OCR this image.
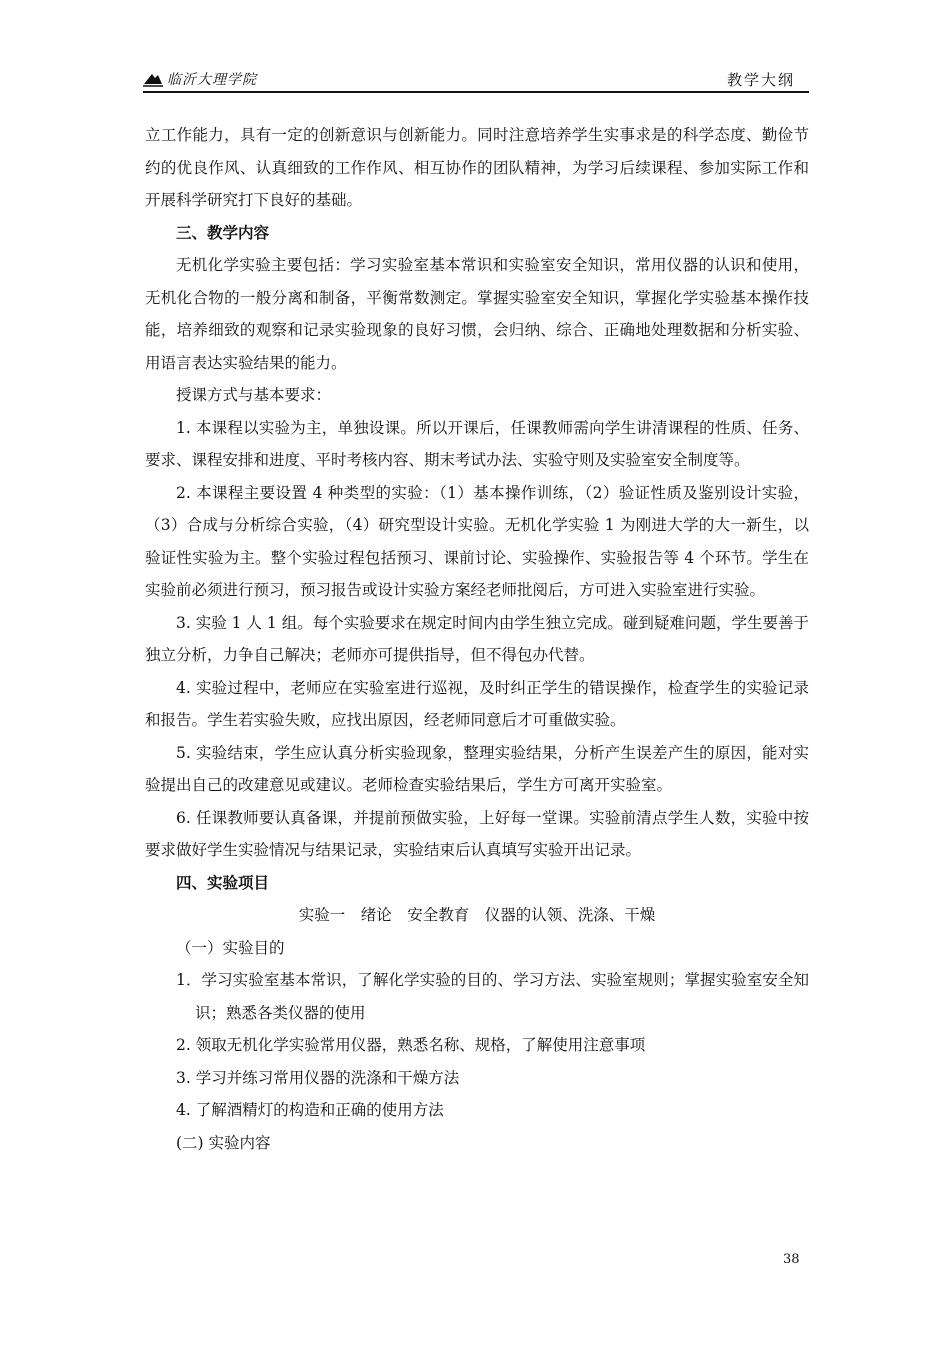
临沂大理学院	教学大纲

立工作能力，具有一定的创新意识与创新能力。同时注意培养学生实事求是的科学态度、勤俭节约的优良作风、认真细致的工作作风、相互协作的团队精神，为学习后续课程、参加实际工作和开展科学研究打下良好的基础。

三、教学内容

无机化学实验主要包括：学习实验室基本常识和实验室安全知识，常用仪器的认识和使用，无机化合物的一般分离和制备，平衡常数测定。掌握实验室安全知识，掌握化学实验基本操作技能，培养细致的观察和记录实验现象的良好习惯，会归纳、综合、正确地处理数据和分析实验、用语言表达实验结果的能力。

授课方式与基本要求：

1. 本课程以实验为主，单独设课。所以开课后，任课教师需向学生讲清课程的性质、任务、要求、课程安排和进度、平时考核内容、期末考试办法、实验守则及实验室安全制度等。

2. 本课程主要设置 4 种类型的实验：（1）基本操作训练，（2）验证性质及鉴别设计实验，（3）合成与分析综合实验，（4）研究型设计实验。无机化学实验 1 为刚进大学的大一新生，以验证性实验为主。整个实验过程包括预习、课前讨论、实验操作、实验报告等 4 个环节。学生在实验前必须进行预习，预习报告或设计实验方案经老师批阅后，方可进入实验室进行实验。

3. 实验 1 人 1 组。每个实验要求在规定时间内由学生独立完成。碰到疑难问题，学生要善于独立分析，力争自己解决；老师亦可提供指导，但不得包办代替。

4. 实验过程中，老师应在实验室进行巡视，及时纠正学生的错误操作，检查学生的实验记录和报告。学生若实验失败，应找出原因，经老师同意后才可重做实验。

5. 实验结束，学生应认真分析实验现象，整理实验结果，分析产生误差产生的原因，能对实验提出自己的改建意见或建议。老师检查实验结果后，学生方可离开实验室。

6. 任课教师要认真备课，并提前预做实验，上好每一堂课。实验前清点学生人数，实验中按要求做好学生实验情况与结果记录，实验结束后认真填写实验开出记录。

四、实验项目

实验一　绪论　安全教育　仪器的认领、洗涤、干燥

（一）实验目的

1．学习实验室基本常识，了解化学实验的目的、学习方法、实验室规则；掌握实验室安全知识；熟悉各类仪器的使用

2. 领取无机化学实验常用仪器，熟悉名称、规格，了解使用注意事项

3. 学习并练习常用仪器的洗涤和干燥方法

4. 了解酒精灯的构造和正确的使用方法

(二) 实验内容

38
